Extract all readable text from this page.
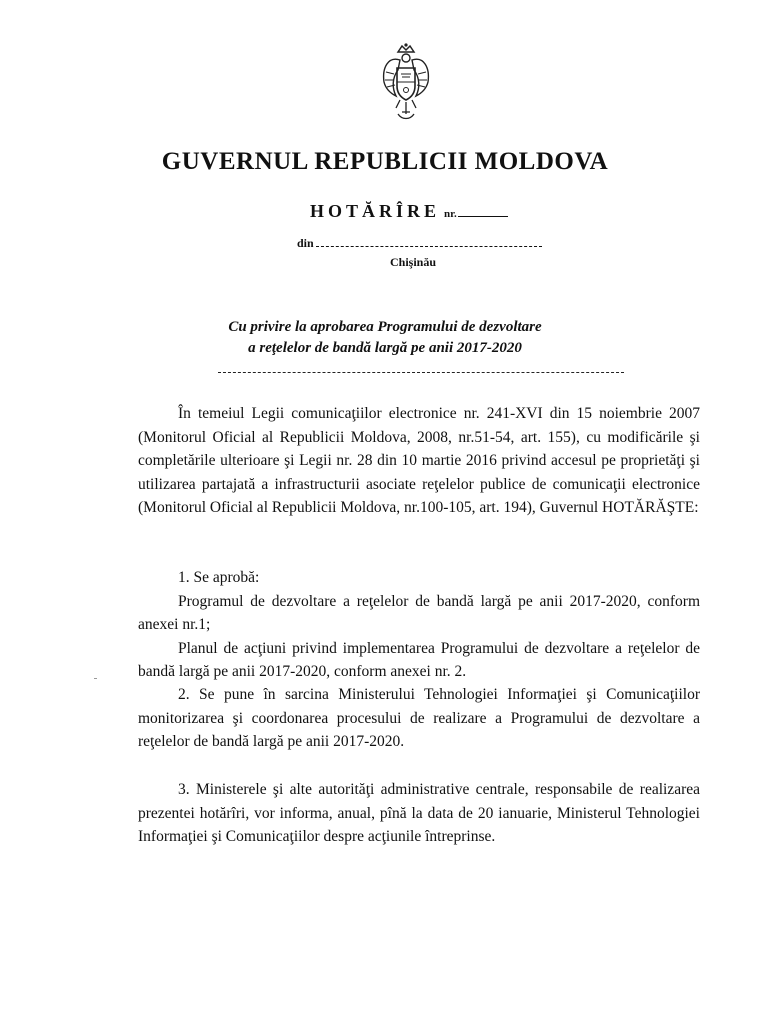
GUVERNUL REPUBLICII MOLDOVA
HOTĂRÎRE nr.
din
Chişinău
Cu privire la aprobarea Programului de dezvoltare
a reţelelor de bandă largă pe anii 2017-2020
În temeiul Legii comunicaţiilor electronice nr. 241-XVI din 15 noiembrie 2007 (Monitorul Oficial al Republicii Moldova, 2008, nr.51-54, art. 155), cu modificările şi completările ulterioare şi Legii nr. 28 din 10 martie 2016 privind accesul pe proprietăţi şi utilizarea partajată a infrastructurii asociate reţelelor publice de comunicaţii electronice (Monitorul Oficial al Republicii Moldova, nr.100-105, art. 194), Guvernul HOTĂRĂŞTE:
1. Se aprobă:
Programul de dezvoltare a reţelelor de bandă largă pe anii 2017-2020, conform anexei nr.1;
Planul de acţiuni privind implementarea Programului de dezvoltare a reţelelor de bandă largă pe anii 2017-2020, conform anexei nr. 2.
2. Se pune în sarcina Ministerului Tehnologiei Informaţiei şi Comunicaţiilor monitorizarea şi coordonarea procesului de realizare a Programului de dezvoltare a reţelelor de bandă largă pe anii 2017-2020.
3. Ministerele şi alte autorităţi administrative centrale, responsabile de realizarea prezentei hotărîri, vor informa, anual, pînă la data de 20 ianuarie, Ministerul Tehnologiei Informaţiei şi Comunicaţiilor despre acţiunile întreprinse.
